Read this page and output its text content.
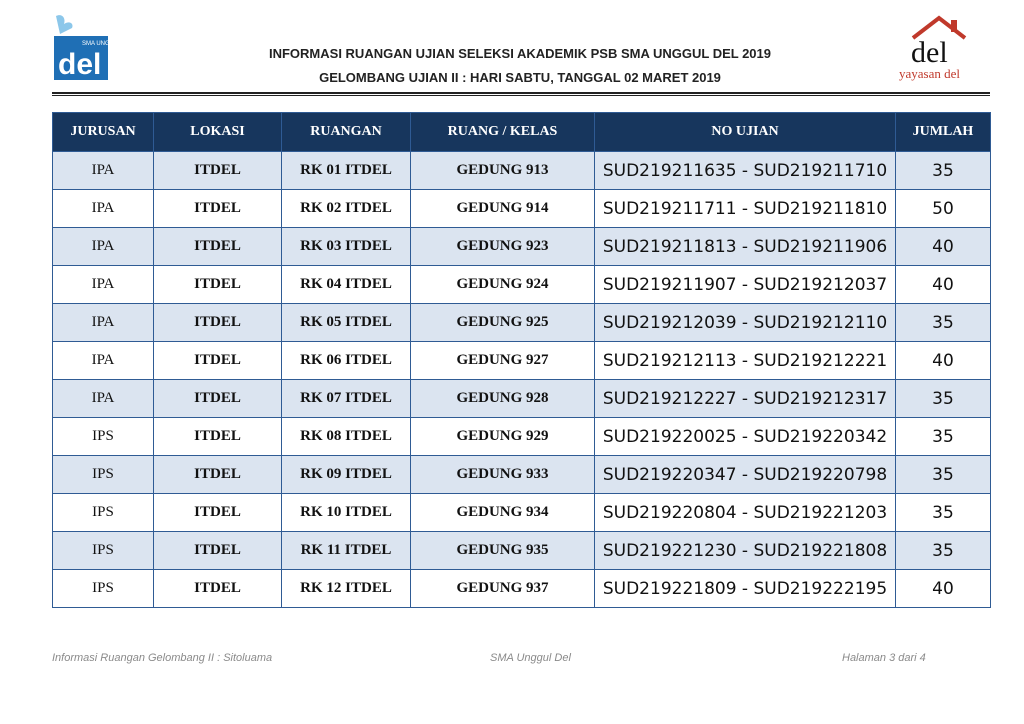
SMA UNGGUL
del	del
yayasan del
INFORMASI RUANGAN UJIAN SELEKSI AKADEMIK PSB SMA UNGGUL DEL 2019
GELOMBANG UJIAN II : HARI SABTU, TANGGAL 02 MARET 2019
JURUSAN	LOKASI	RUANGAN	RUANG / KELAS	NO UJIAN	JUMLAH
IPA	ITDEL	RK 01 ITDEL	GEDUNG 913	SUD219211635 - SUD219211710	35
IPA	ITDEL	RK 02 ITDEL	GEDUNG 914	SUD219211711 - SUD219211810	50
IPA	ITDEL	RK 03 ITDEL	GEDUNG 923	SUD219211813 - SUD219211906	40
IPA	ITDEL	RK 04 ITDEL	GEDUNG 924	SUD219211907 - SUD219212037	40
IPA	ITDEL	RK 05 ITDEL	GEDUNG 925	SUD219212039 - SUD219212110	35
IPA	ITDEL	RK 06 ITDEL	GEDUNG 927	SUD219212113 - SUD219212221	40
IPA	ITDEL	RK 07 ITDEL	GEDUNG 928	SUD219212227 - SUD219212317	35
IPS	ITDEL	RK 08 ITDEL	GEDUNG 929	SUD219220025 - SUD219220342	35
IPS	ITDEL	RK 09 ITDEL	GEDUNG 933	SUD219220347 - SUD219220798	35
IPS	ITDEL	RK 10 ITDEL	GEDUNG 934	SUD219220804 - SUD219221203	35
IPS	ITDEL	RK 11 ITDEL	GEDUNG 935	SUD219221230 - SUD219221808	35
IPS	ITDEL	RK 12 ITDEL	GEDUNG 937	SUD219221809 - SUD219222195	40
Informasi Ruangan Gelombang II : Sitoluama	SMA Unggul Del	Halaman 3 dari 4
